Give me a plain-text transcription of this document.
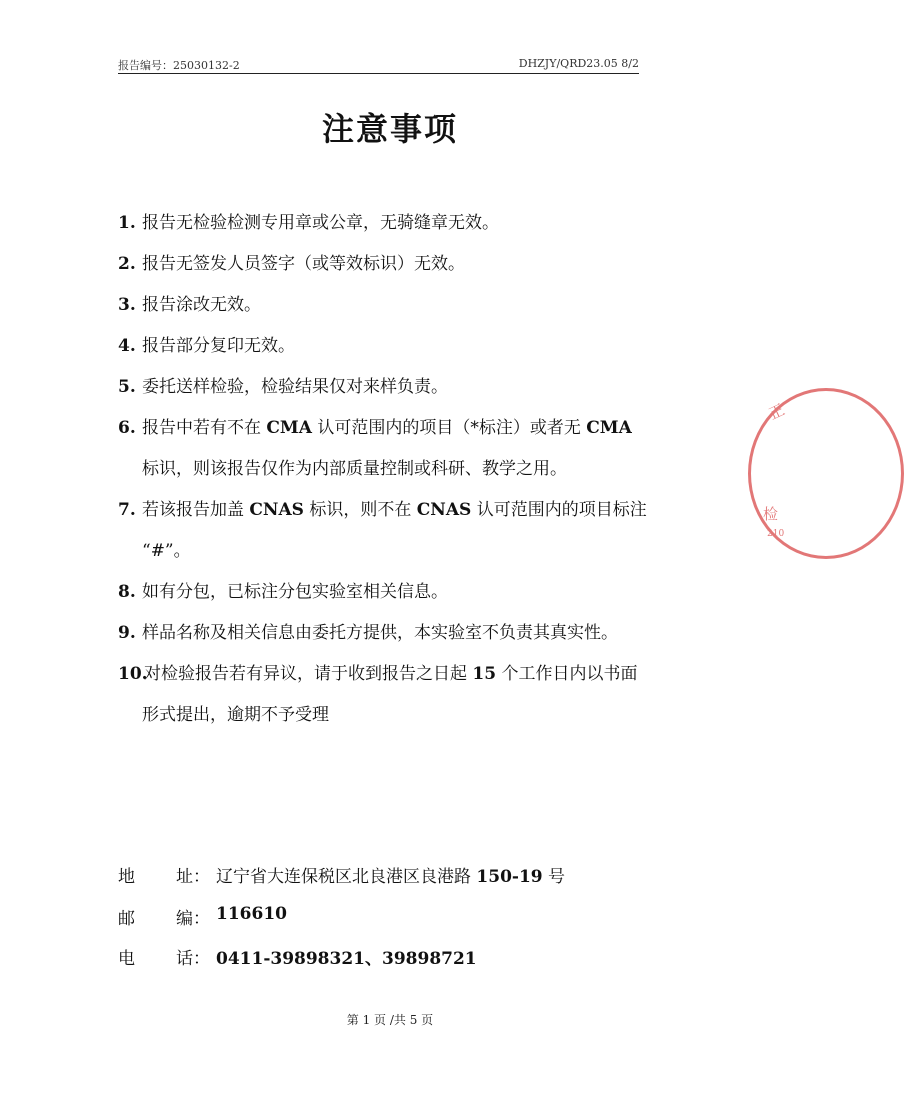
报告编号：25030132-2	DHZJY/QRD23.05 8/2
注意事项
1. 报告无检验检测专用章或公章，无骑缝章无效。
2. 报告无签发人员签字（或等效标识）无效。
3. 报告涂改无效。
4. 报告部分复印无效。
5. 委托送样检验，检验结果仅对来样负责。
6. 报告中若有不在 CMA 认可范围内的项目（*标注）或者无 CMA
标识，则该报告仅作为内部质量控制或科研、教学之用。
7. 若该报告加盖 CNAS 标识，则不在 CNAS 认可范围内的项目标注
“#”。
8. 如有分包，已标注分包实验室相关信息。
9. 样品名称及相关信息由委托方提供，本实验室不负责其真实性。
10.对检验报告若有异议，请于收到报告之日起 15 个工作日内以书面
形式提出，逾期不予受理
地 址： 辽宁省大连保税区北良港区良港路 150-19 号
邮 编： 116610
电 话： 0411-39898321、39898721
第 1 页 /共 5 页
正
检
210
